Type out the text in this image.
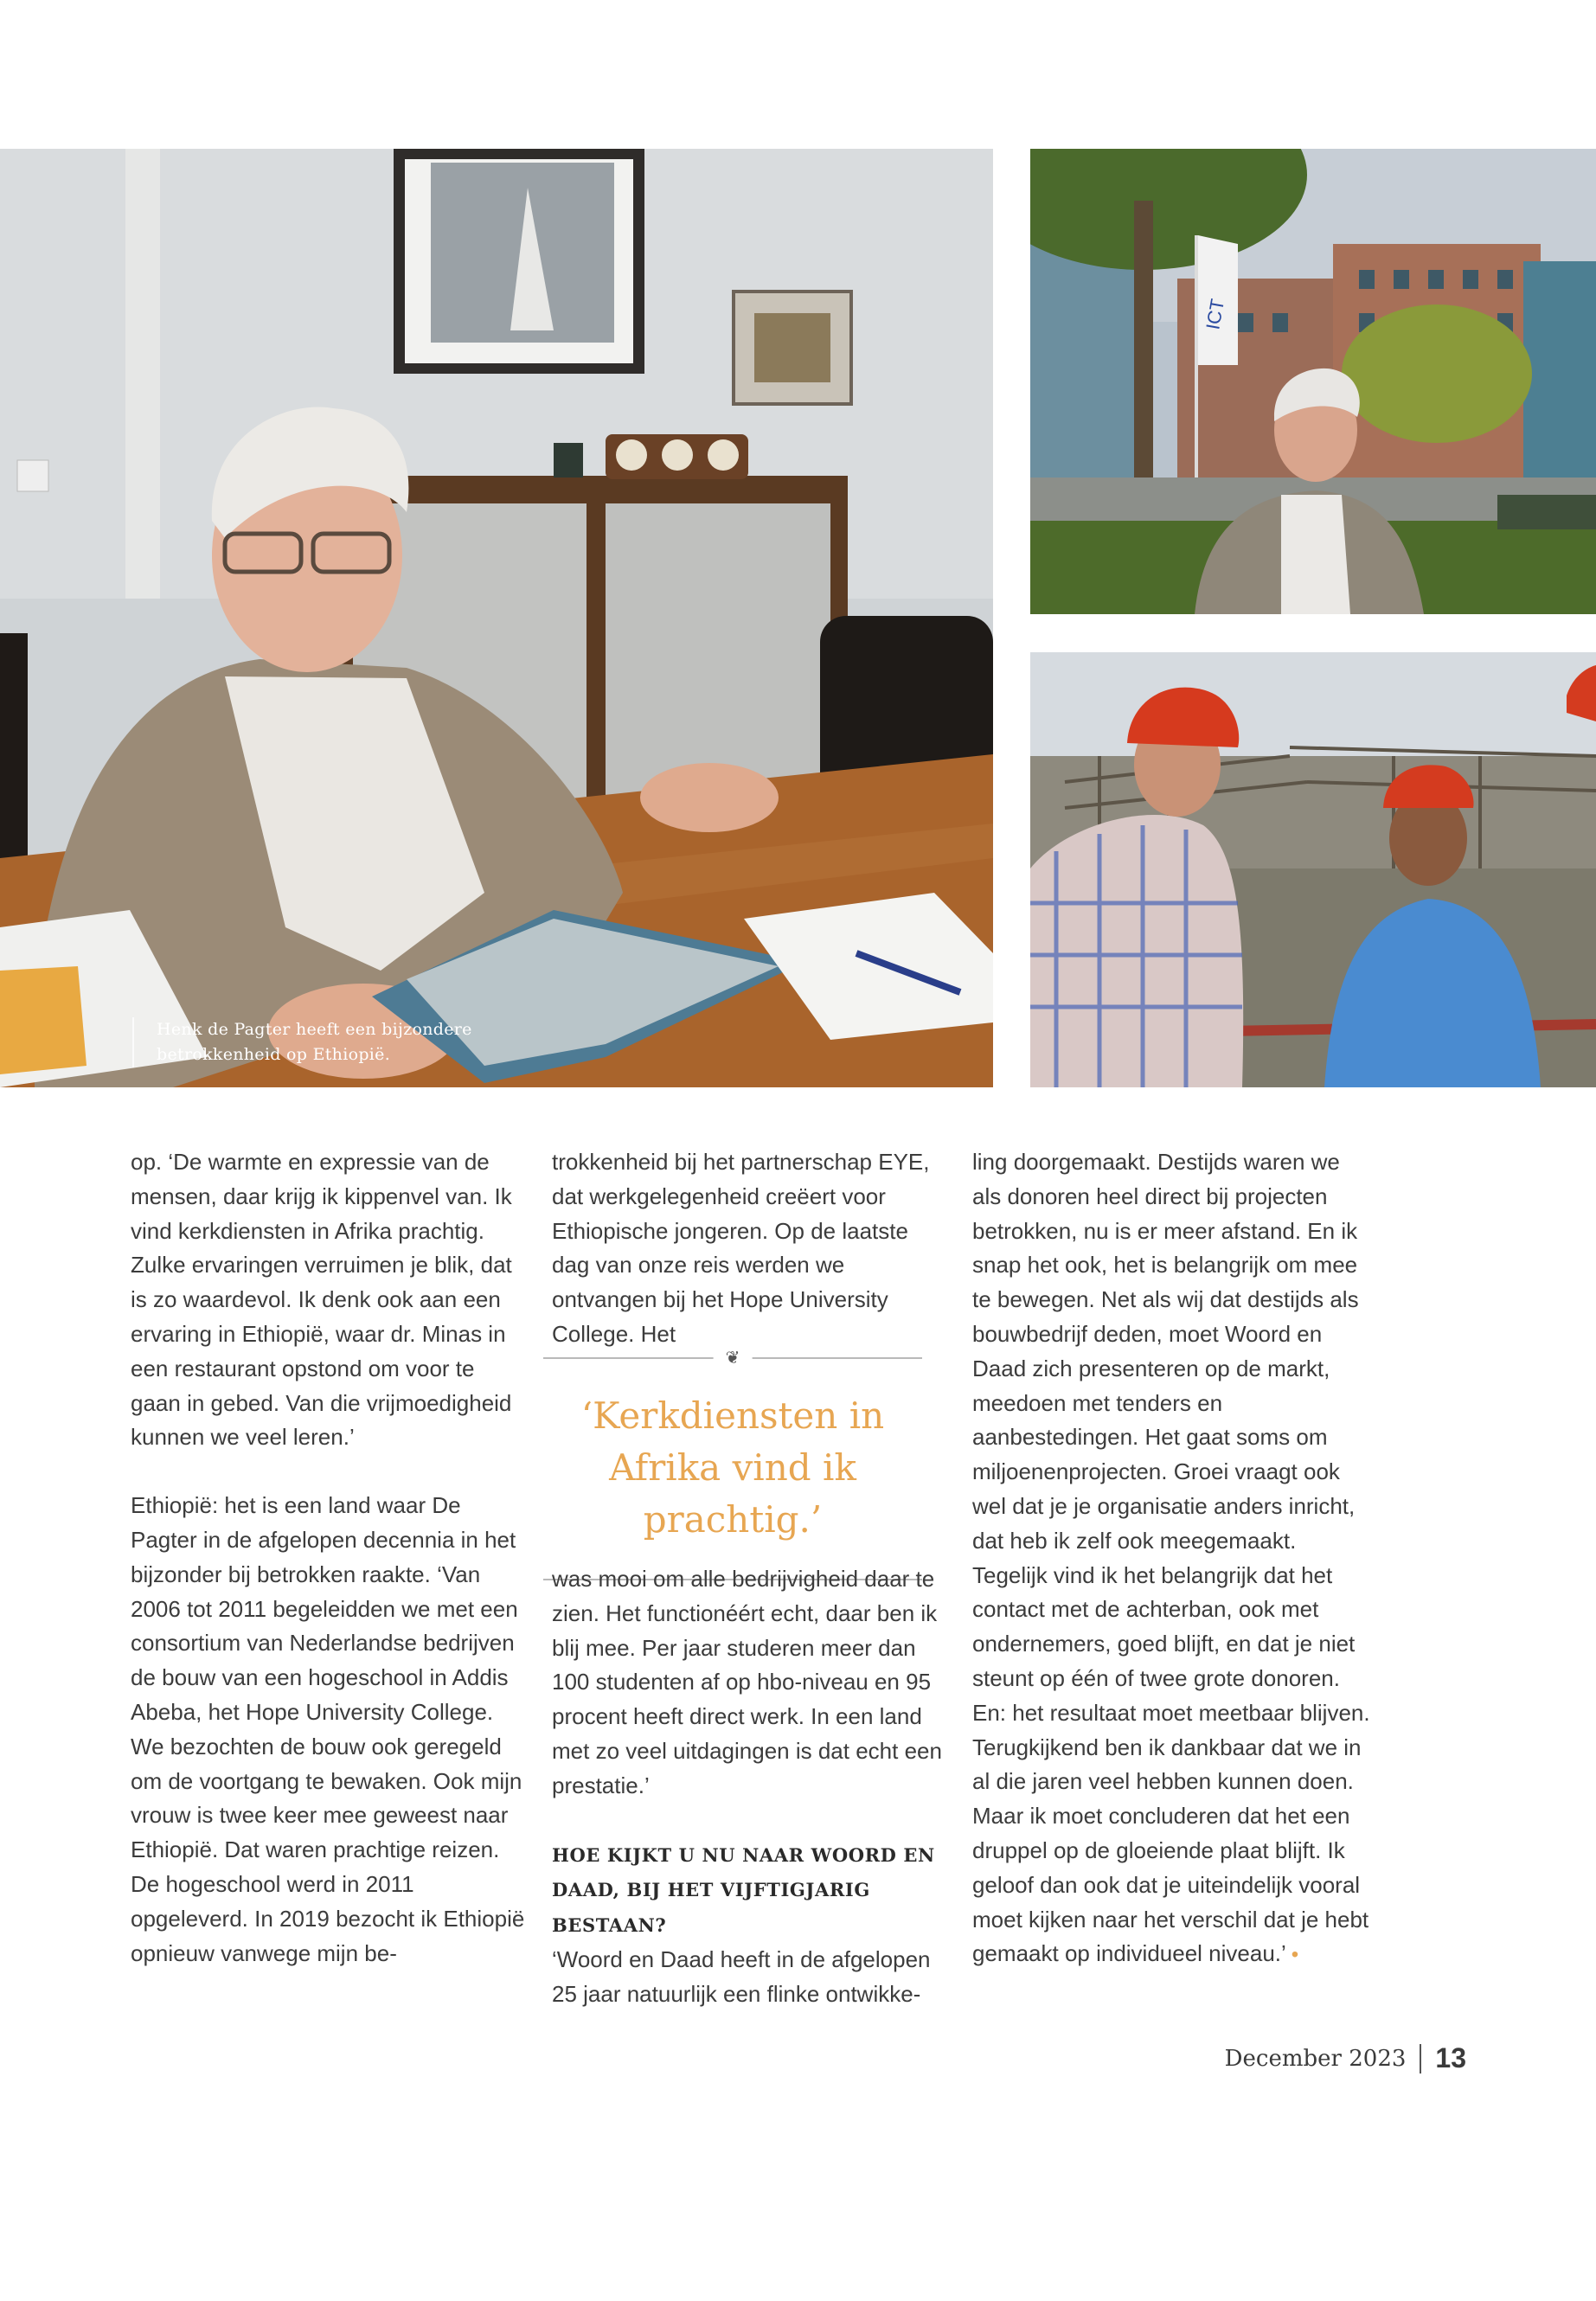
Henk de Pagter heeft een bijzondere betrokkenheid op Ethiopië.
ICT

op. ‘De warmte en expressie van de mensen, daar krijg ik kippenvel van. Ik vind kerkdiensten in Afrika prachtig. Zulke ervaringen verruimen je blik, dat is zo waardevol. Ik denk ook aan een ervaring in Ethiopië, waar dr. Minas in een restaurant opstond om voor te gaan in gebed. Van die vrijmoedigheid kunnen we veel leren.’

Ethiopië: het is een land waar De Pagter in de afgelopen decennia in het bijzonder bij betrokken raakte. ‘Van 2006 tot 2011 begeleidden we met een consortium van Nederlandse bedrijven de bouw van een hogeschool in Addis Abeba, het Hope University College. We bezochten de bouw ook geregeld om de voortgang te bewaken. Ook mijn vrouw is twee keer mee geweest naar Ethiopië. Dat waren prachtige reizen. De hogeschool werd in 2011 opgeleverd. In 2019 bezocht ik Ethiopië opnieuw vanwege mijn be-

trokkenheid bij het partnerschap EYE, dat werkgelegenheid creëert voor Ethiopische jongeren. Op de laatste dag van onze reis werden we ontvangen bij het Hope University College. Het

❦
‘Kerkdiensten in Afrika vind ik prachtig.’

was mooi om alle bedrijvigheid daar te zien. Het functionéért echt, daar ben ik blij mee. Per jaar studeren meer dan 100 studenten af op hbo-niveau en 95 procent heeft direct werk. In een land met zo veel uitdagingen is dat echt een prestatie.’

HOE KIJKT U NU NAAR WOORD EN DAAD, BIJ HET VIJFTIGJARIG BESTAAN?
‘Woord en Daad heeft in de afgelopen 25 jaar natuurlijk een flinke ontwikke-

ling doorgemaakt. Destijds waren we als donoren heel direct bij projecten betrokken, nu is er meer afstand. En ik snap het ook, het is belangrijk om mee te bewegen. Net als wij dat destijds als bouwbedrijf deden, moet Woord en Daad zich presenteren op de markt, meedoen met tenders en aanbestedingen. Het gaat soms om miljoenenprojecten. Groei vraagt ook wel dat je je organisatie anders inricht, dat heb ik zelf ook meegemaakt. Tegelijk vind ik het belangrijk dat het contact met de achterban, ook met ondernemers, goed blijft, en dat je niet steunt op één of twee grote donoren. En: het resultaat moet meetbaar blijven.
Terugkijkend ben ik dankbaar dat we in al die jaren veel hebben kunnen doen. Maar ik moet concluderen dat het een druppel op de gloeiende plaat blijft. Ik geloof dan ook dat je uiteindelijk vooral moet kijken naar het verschil dat je hebt gemaakt op individueel niveau.’ •

December 2023 13
